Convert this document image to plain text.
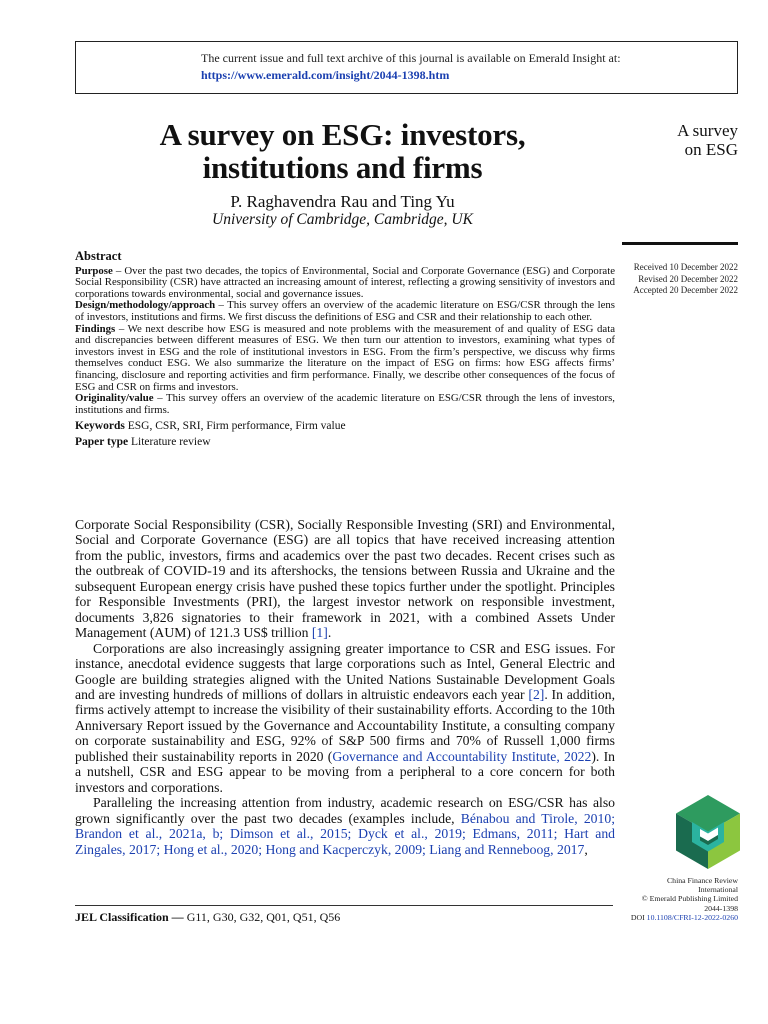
The current issue and full text archive of this journal is available on Emerald Insight at:
https://www.emerald.com/insight/2044-1398.htm
A survey on ESG: investors,
institutions and firms
P. Raghavendra Rau and Ting Yu
University of Cambridge, Cambridge, UK
A survey
on ESG
Received 10 December 2022
Revised 20 December 2022
Accepted 20 December 2022
Abstract

Purpose – Over the past two decades, the topics of Environmental, Social and Corporate Governance (ESG) and Corporate Social Responsibility (CSR) have attracted an increasing amount of interest, reflecting a growing sensitivity of investors and corporations towards environmental, social and governance issues.

Design/methodology/approach – This survey offers an overview of the academic literature on ESG/CSR through the lens of investors, institutions and firms. We first discuss the definitions of ESG and CSR and their relationship to each other.

Findings – We next describe how ESG is measured and note problems with the measurement of and quality of ESG data and discrepancies between different measures of ESG. We then turn our attention to investors, examining what types of investors invest in ESG and the role of institutional investors in ESG. From the firm’s perspective, we discuss why firms themselves conduct ESG. We also summarize the literature on the impact of ESG on firms: how ESG affects firms’ financing, disclosure and reporting activities and firm performance. Finally, we describe other consequences of the focus of ESG and CSR on firms and investors.

Originality/value – This survey offers an overview of the academic literature on ESG/CSR through the lens of investors, institutions and firms.

Keywords ESG, CSR, SRI, Firm performance, Firm value

Paper type Literature review

Corporate Social Responsibility (CSR), Socially Responsible Investing (SRI) and Environmental, Social and Corporate Governance (ESG) are all topics that have received increasing attention from the public, investors, firms and academics over the past two decades. Recent crises such as the outbreak of COVID-19 and its aftershocks, the tensions between Russia and Ukraine and the subsequent European energy crisis have pushed these topics further under the spotlight. Principles for Responsible Investments (PRI), the largest investor network on responsible investment, documents 3,826 signatories to their framework in 2021, with a combined Assets Under Management (AUM) of 121.3 US$ trillion [1].

Corporations are also increasingly assigning greater importance to CSR and ESG issues. For instance, anecdotal evidence suggests that large corporations such as Intel, General Electric and Google are building strategies aligned with the United Nations Sustainable Development Goals and are investing hundreds of millions of dollars in altruistic endeavors each year [2]. In addition, firms actively attempt to increase the visibility of their sustainability efforts. According to the 10th Anniversary Report issued by the Governance and Accountability Institute, a consulting company on corporate sustainability and ESG, 92% of S&P 500 firms and 70% of Russell 1,000 firms published their sustainability reports in 2020 (Governance and Accountability Institute, 2022). In a nutshell, CSR and ESG appear to be moving from a peripheral to a core concern for both investors and corporations.

Paralleling the increasing attention from industry, academic research on ESG/CSR has also grown significantly over the past two decades (examples include, Bénabou and Tirole, 2010; Brandon et al., 2021a, b; Dimson et al., 2015; Dyck et al., 2019; Edmans, 2011; Hart and Zingales, 2017; Hong et al., 2020; Hong and Kacperczyk, 2009; Liang and Renneboog, 2017,

JEL Classification — G11, G30, G32, Q01, Q51, Q56
China Finance Review
International
© Emerald Publishing Limited
2044-1398
DOI 10.1108/CFRI-12-2022-0260
